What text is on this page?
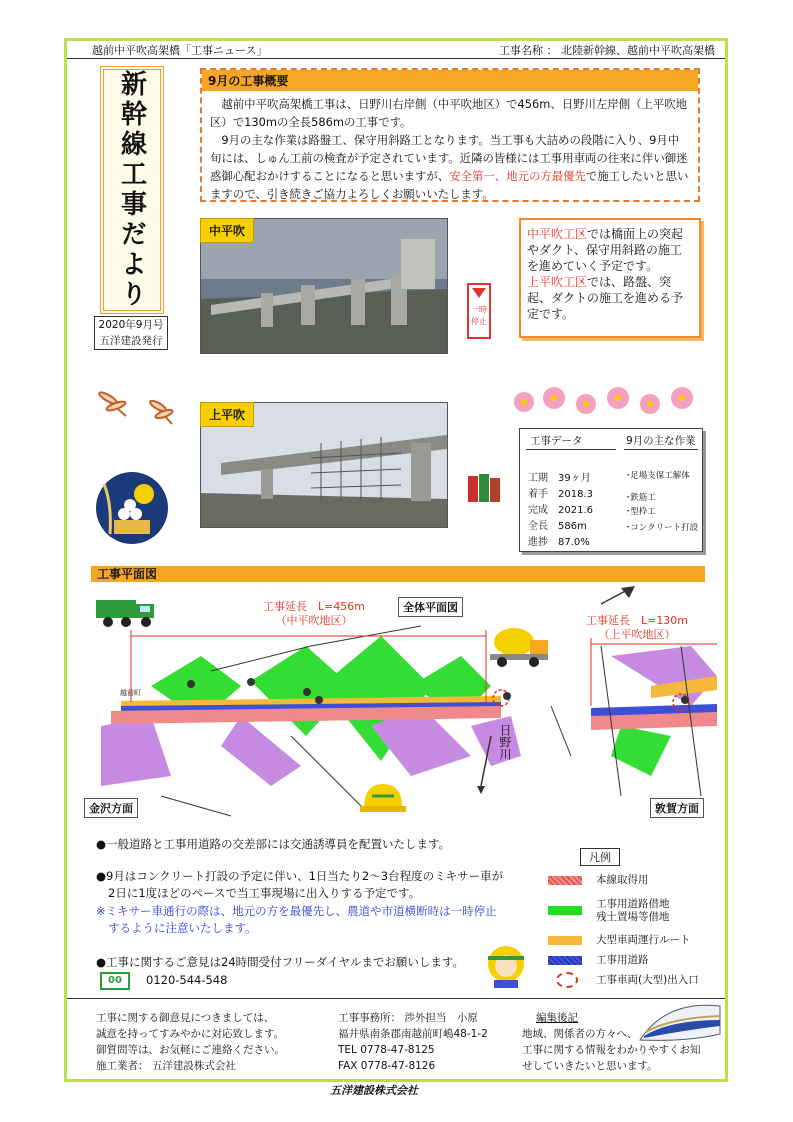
越前中平吹高架橋「工事ニュース」	工事名称 ： 北陸新幹線、越前中平吹高架橋
新幹線工事だより
2020年9月号
五洋建設発行
9月の工事概要

越前中平吹高架橋工事は、日野川右岸側（中平吹地区）で456m、日野川左岸側（上平吹地区）で130mの全長586mの工事です。

9月の主な作業は路盤工、保守用斜路工となります。当工事も大詰めの段階に入り、9月中旬には、しゅん工前の検査が予定されています。近隣の皆様には工事用車両の往来に伴い御迷惑御心配おかけすることになると思いますが、安全第一、地元の方最優先で施工したいと思いますので、引き続きご協力よろしくお願いいたします。

中平吹
上平吹
一時
停止
中平吹工区では橋面上の突起やダクト、保守用斜路の施工を進めていく予定です。
上平吹工区では、路盤、突起、ダクトの施工を進める予定です。
工事データ	9月の主な作業
工期 39ヶ月
着手 2018.3
完成 2021.6
全長 586m
進捗 87.0%
･足場支保工解体
･鉄筋工
･型枠工
･コンクリート打設
工事平面図
全体平面図
工事延長　L=456m
（中平吹地区）	工事延長　L=130m
（上平吹地区）
越前町
日野川
金沢方面	敦賀方面
●一般道路と工事用道路の交差部には交通誘導員を配置いたします。
●9月はコンクリート打設の予定に伴い、1日当たり2～3台程度のミキサー車が
2日に1度ほどのペースで当工事現場に出入りする予定です。
※ミキサー車通行の際は、地元の方を最優先し、農道や市道横断時は一時停止
するように注意いたします。
●工事に関するご意見は24時間受付フリーダイヤルまでお願いします。
00	0120-544-548
凡例
本線取得用
工事用道路借地
残土置場等借地
大型車両運行ルート
工事用道路
工事車両(大型)出入口
工事に関する御意見につきましては、
誠意を持ってすみやかに対応致します。
御質問等は、お気軽にご連絡ください。
施工業者： 五洋建設株式会社
工事事務所： 渉外担当　小原
福井県南条郡南越前町嶋48-1-2
TEL 0778-47-8125
FAX 0778-47-8126
編集後記
地域、関係者の方々へ、
工事に関する情報をわかりやすくお知
せしていきたいと思います。
五洋建設株式会社
